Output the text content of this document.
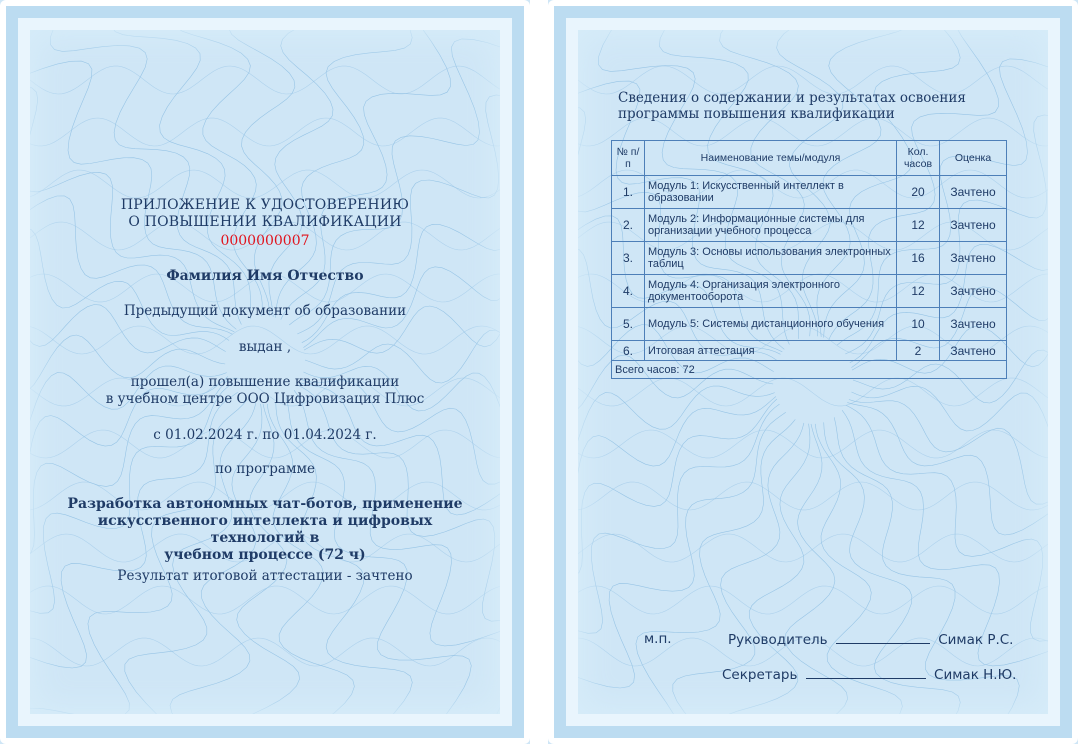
ПРИЛОЖЕНИЕ К УДОСТОВЕРЕНИЮ
О ПОВЫШЕНИИ КВАЛИФИКАЦИИ
0000000007
Фамилия Имя Отчество
Предыдущий документ об образовании
выдан ,
прошел(а) повышение квалификации
в учебном центре ООО Цифровизация Плюс
с 01.02.2024 г. по 01.04.2024 г.
по программе
Разработка автономных чат-ботов, применение
искусственного интеллекта и цифровых технологий в
учебном процессе (72 ч)
Результат итоговой аттестации - зачтено
Сведения о содержании и результатах освоения
программы повышения квалификации
№ п/п	Наименование темы/модуля	Кол. часов	Оценка
1.	Модуль 1: Искусственный интеллект в образовании	20	Зачтено
2.	Модуль 2: Информационные системы для организации учебного процесса	12	Зачтено
3.	Модуль 3: Основы использования электронных таблиц	16	Зачтено
4.	Модуль 4: Организация электронного документооборота	12	Зачтено
5.	Модуль 5: Системы дистанционного обучения	10	Зачтено
6.	Итоговая аттестация	2	Зачтено
Всего часов: 72			
м.п.	Руководитель	Симак Р.С.
Секретарь	Симак Н.Ю.
